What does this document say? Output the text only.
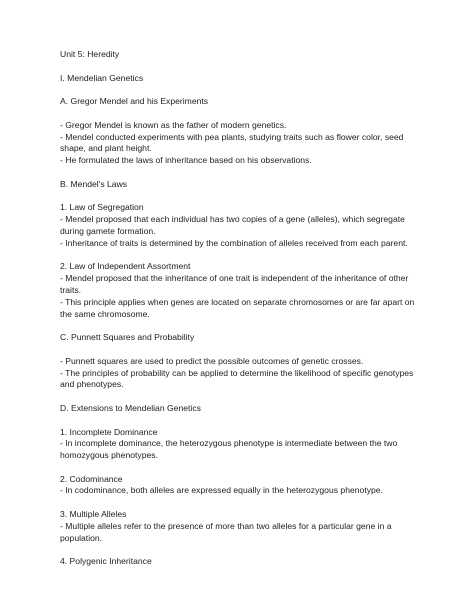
Unit 5: Heredity
I. Mendelian Genetics
A. Gregor Mendel and his Experiments
- Gregor Mendel is known as the father of modern genetics.
- Mendel conducted experiments with pea plants, studying traits such as flower color, seed
shape, and plant height.
- He formulated the laws of inheritance based on his observations.
B. Mendel's Laws
1. Law of Segregation
- Mendel proposed that each individual has two copies of a gene (alleles), which segregate
during gamete formation.
- Inheritance of traits is determined by the combination of alleles received from each parent.
2. Law of Independent Assortment
- Mendel proposed that the inheritance of one trait is independent of the inheritance of other
traits.
- This principle applies when genes are located on separate chromosomes or are far apart on
the same chromosome.
C. Punnett Squares and Probability
- Punnett squares are used to predict the possible outcomes of genetic crosses.
- The principles of probability can be applied to determine the likelihood of specific genotypes
and phenotypes.
D. Extensions to Mendelian Genetics
1. Incomplete Dominance
- In incomplete dominance, the heterozygous phenotype is intermediate between the two
homozygous phenotypes.
2. Codominance
- In codominance, both alleles are expressed equally in the heterozygous phenotype.
3. Multiple Alleles
- Multiple alleles refer to the presence of more than two alleles for a particular gene in a
population.
4. Polygenic Inheritance
